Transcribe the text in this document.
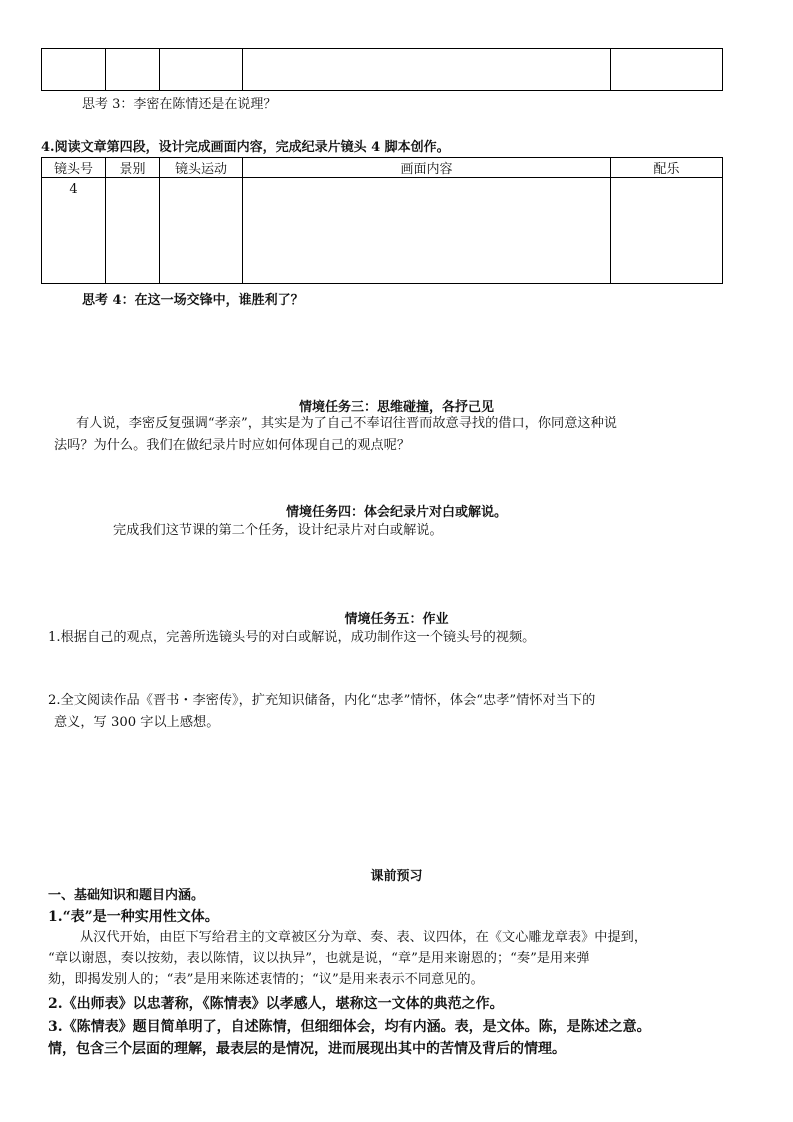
思考 3：李密在陈情还是在说理？
4.阅读文章第四段，设计完成画面内容，完成纪录片镜头 4 脚本创作。
镜头号	景别	镜头运动	画面内容	配乐
4				
思考 4：在这一场交锋中，谁胜利了？
情境任务三：思维碰撞，各抒己见
有人说，李密反复强调“孝亲”，其实是为了自己不奉诏往晋而故意寻找的借口，你同意这种说
法吗？为什么。我们在做纪录片时应如何体现自己的观点呢？
情境任务四：体会纪录片对白或解说。
完成我们这节课的第二个任务，设计纪录片对白或解说。
情境任务五：作业
1.根据自己的观点，完善所选镜头号的对白或解说，成功制作这一个镜头号的视频。
2.全文阅读作品《晋书・李密传》，扩充知识储备，内化“忠孝”情怀，体会“忠孝”情怀对当下的
意义，写 300 字以上感想。
课前预习
一、基础知识和题目内涵。
1.“表”是一种实用性文体。
从汉代开始，由臣下写给君主的文章被区分为章、奏、表、议四体，在《文心雕龙章表》中提到，
“章以谢恩，奏以按劾，表以陈情，议以执异”，也就是说，“章”是用来谢恩的；“奏”是用来弹
劾，即揭发别人的；“表”是用来陈述衷情的；“议”是用来表示不同意见的。
2.《出师表》以忠著称，《陈情表》以孝感人，堪称这一文体的典范之作。
3.《陈情表》题目简单明了，自述陈情，但细细体会，均有内涵。表，是文体。陈，是陈述之意。
情，包含三个层面的理解，最表层的是情况，进而展现出其中的苦情及背后的情理。
